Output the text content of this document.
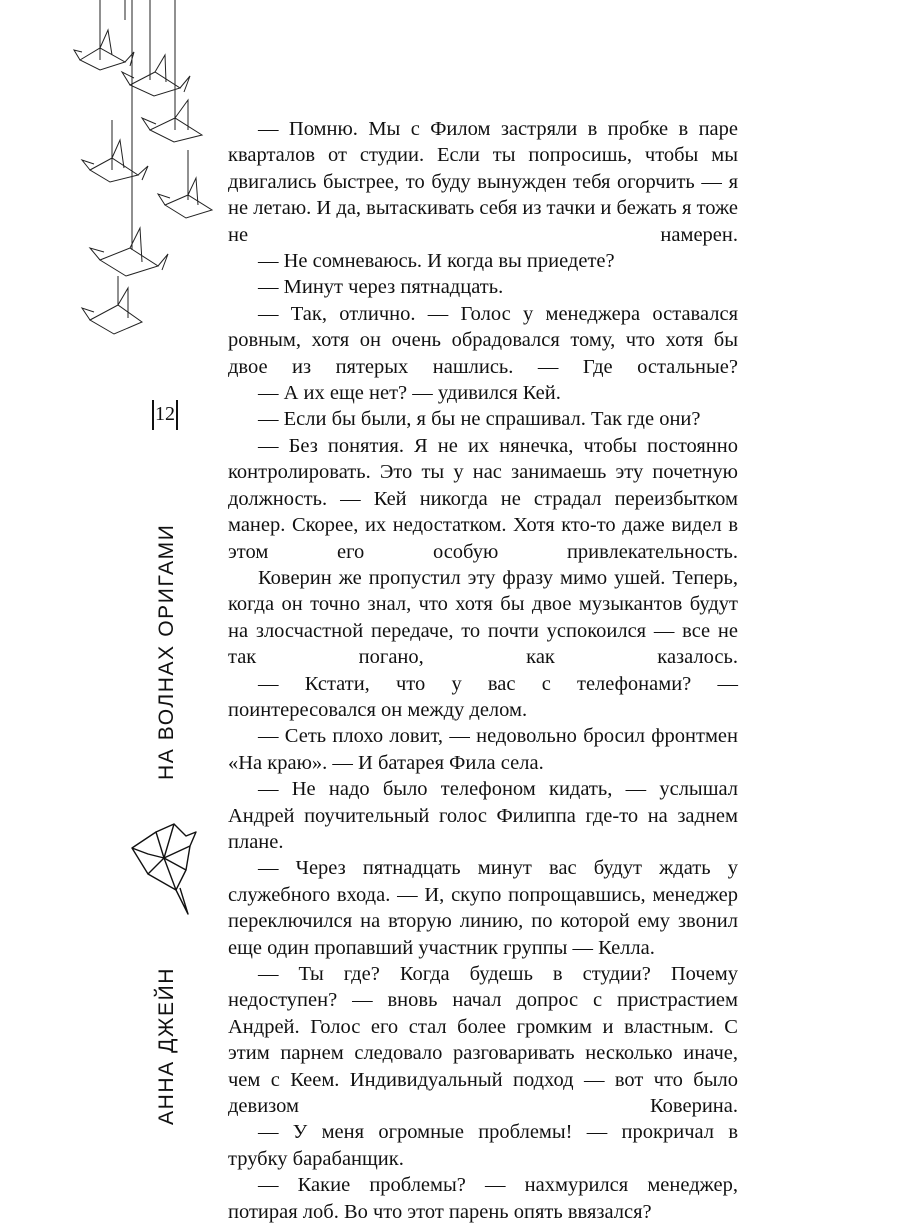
12
НА ВОЛНАХ ОРИГАМИ
АННА ДЖЕЙН

— Помню. Мы с Филом застряли в пробке в паре кварталов от студии. Если ты попросишь, чтобы мы двигались быстрее, то буду вынужден тебя огорчить — я не летаю. И да, вытаскивать себя из тачки и бежать я тоже не намерен.

— Не сомневаюсь. И когда вы приедете?

— Минут через пятнадцать.

— Так, отлично. — Голос у менеджера оставался ровным, хотя он очень обрадовался тому, что хотя бы двое из пятерых нашлись. — Где остальные?

— А их еще нет? — удивился Кей.

— Если бы были, я бы не спрашивал. Так где они?

— Без понятия. Я не их нянечка, чтобы постоянно контролировать. Это ты у нас занимаешь эту почетную должность. — Кей никогда не страдал переизбытком манер. Скорее, их недостатком. Хотя кто-то даже видел в этом его особую привлекательность.

Коверин же пропустил эту фразу мимо ушей. Теперь, когда он точно знал, что хотя бы двое музыкантов будут на злосчастной передаче, то почти успокоился — все не так погано, как казалось.

— Кстати, что у вас с телефонами? — поинтересовался он между делом.

— Сеть плохо ловит, — недовольно бросил фронтмен «На краю». — И батарея Фила села.

— Не надо было телефоном кидать, — услышал Андрей поучительный голос Филиппа где-то на заднем плане.

— Через пятнадцать минут вас будут ждать у служебного входа. — И, скупо попрощавшись, менеджер переключился на вторую линию, по которой ему звонил еще один пропавший участник группы — Келла.

— Ты где? Когда будешь в студии? Почему недоступен? — вновь начал допрос с пристрастием Андрей. Голос его стал более громким и властным. С этим парнем следовало разговаривать несколько иначе, чем с Кеем. Индивидуальный подход — вот что было девизом Коверина.

— У меня огромные проблемы! — прокричал в трубку барабанщик.

— Какие проблемы? — нахмурился менеджер, потирая лоб. Во что этот парень опять ввязался?
